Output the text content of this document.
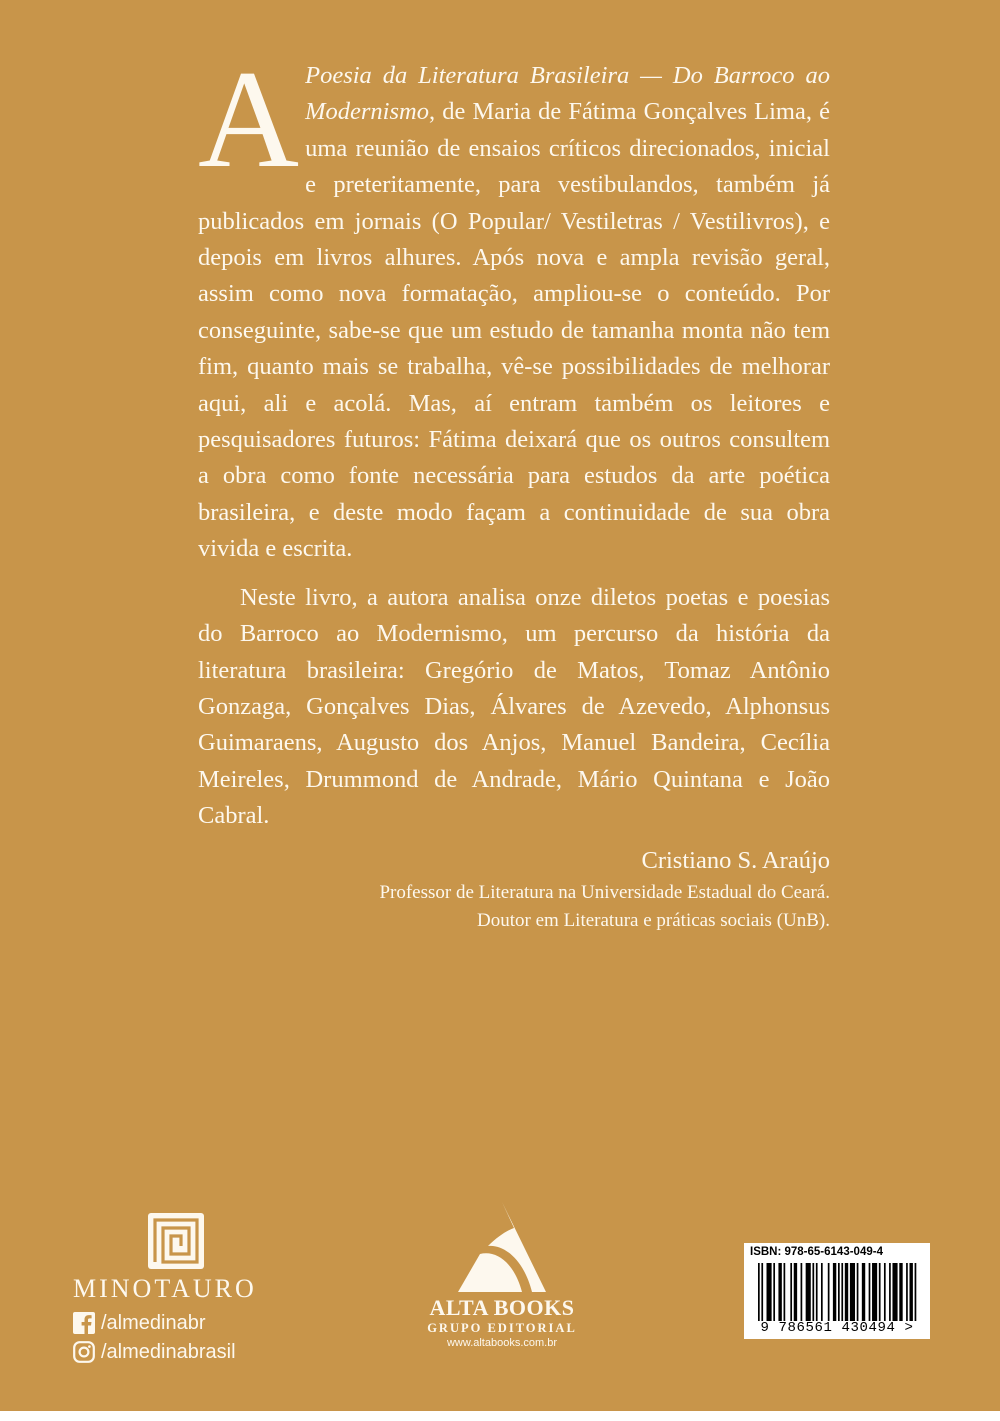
A Poesia da Literatura Brasileira — Do Barroco ao Modernismo, de Maria de Fátima Gonçalves Lima, é uma reunião de ensaios críticos direcionados, inicial e preteritamente, para vestibulandos, também já publicados em jornais (O Popular/ Vestiletras / Vestilivros), e depois em livros alhures. Após nova e ampla revisão geral, assim como nova formatação, ampliou-se o conteúdo. Por conseguinte, sabe-se que um estudo de tamanha monta não tem fim, quanto mais se trabalha, vê-se possibilidades de melhorar aqui, ali e acolá. Mas, aí entram também os leitores e pesquisadores futuros: Fátima deixará que os outros consultem a obra como fonte necessária para estudos da arte poética brasileira, e deste modo façam a continuidade de sua obra vivida e escrita.

Neste livro, a autora analisa onze diletos poetas e poesias do Barroco ao Modernismo, um percurso da história da literatura brasileira: Gregório de Matos, Tomaz Antônio Gonzaga, Gonçalves Dias, Álvares de Azevedo, Alphonsus Guimaraens, Augusto dos Anjos, Manuel Bandeira, Cecília Meireles, Drummond de Andrade, Mário Quintana e João Cabral.

Cristiano S. Araújo

Professor de Literatura na Universidade Estadual do Ceará.

Doutor em Literatura e práticas sociais (UnB).

MINOTAURO
/almedinabr
/almedinabrasil
ALTA BOOKS
GRUPO EDITORIAL
www.altabooks.com.br
ISBN: 978-65-6143-049-4
9 786561 430494 >
